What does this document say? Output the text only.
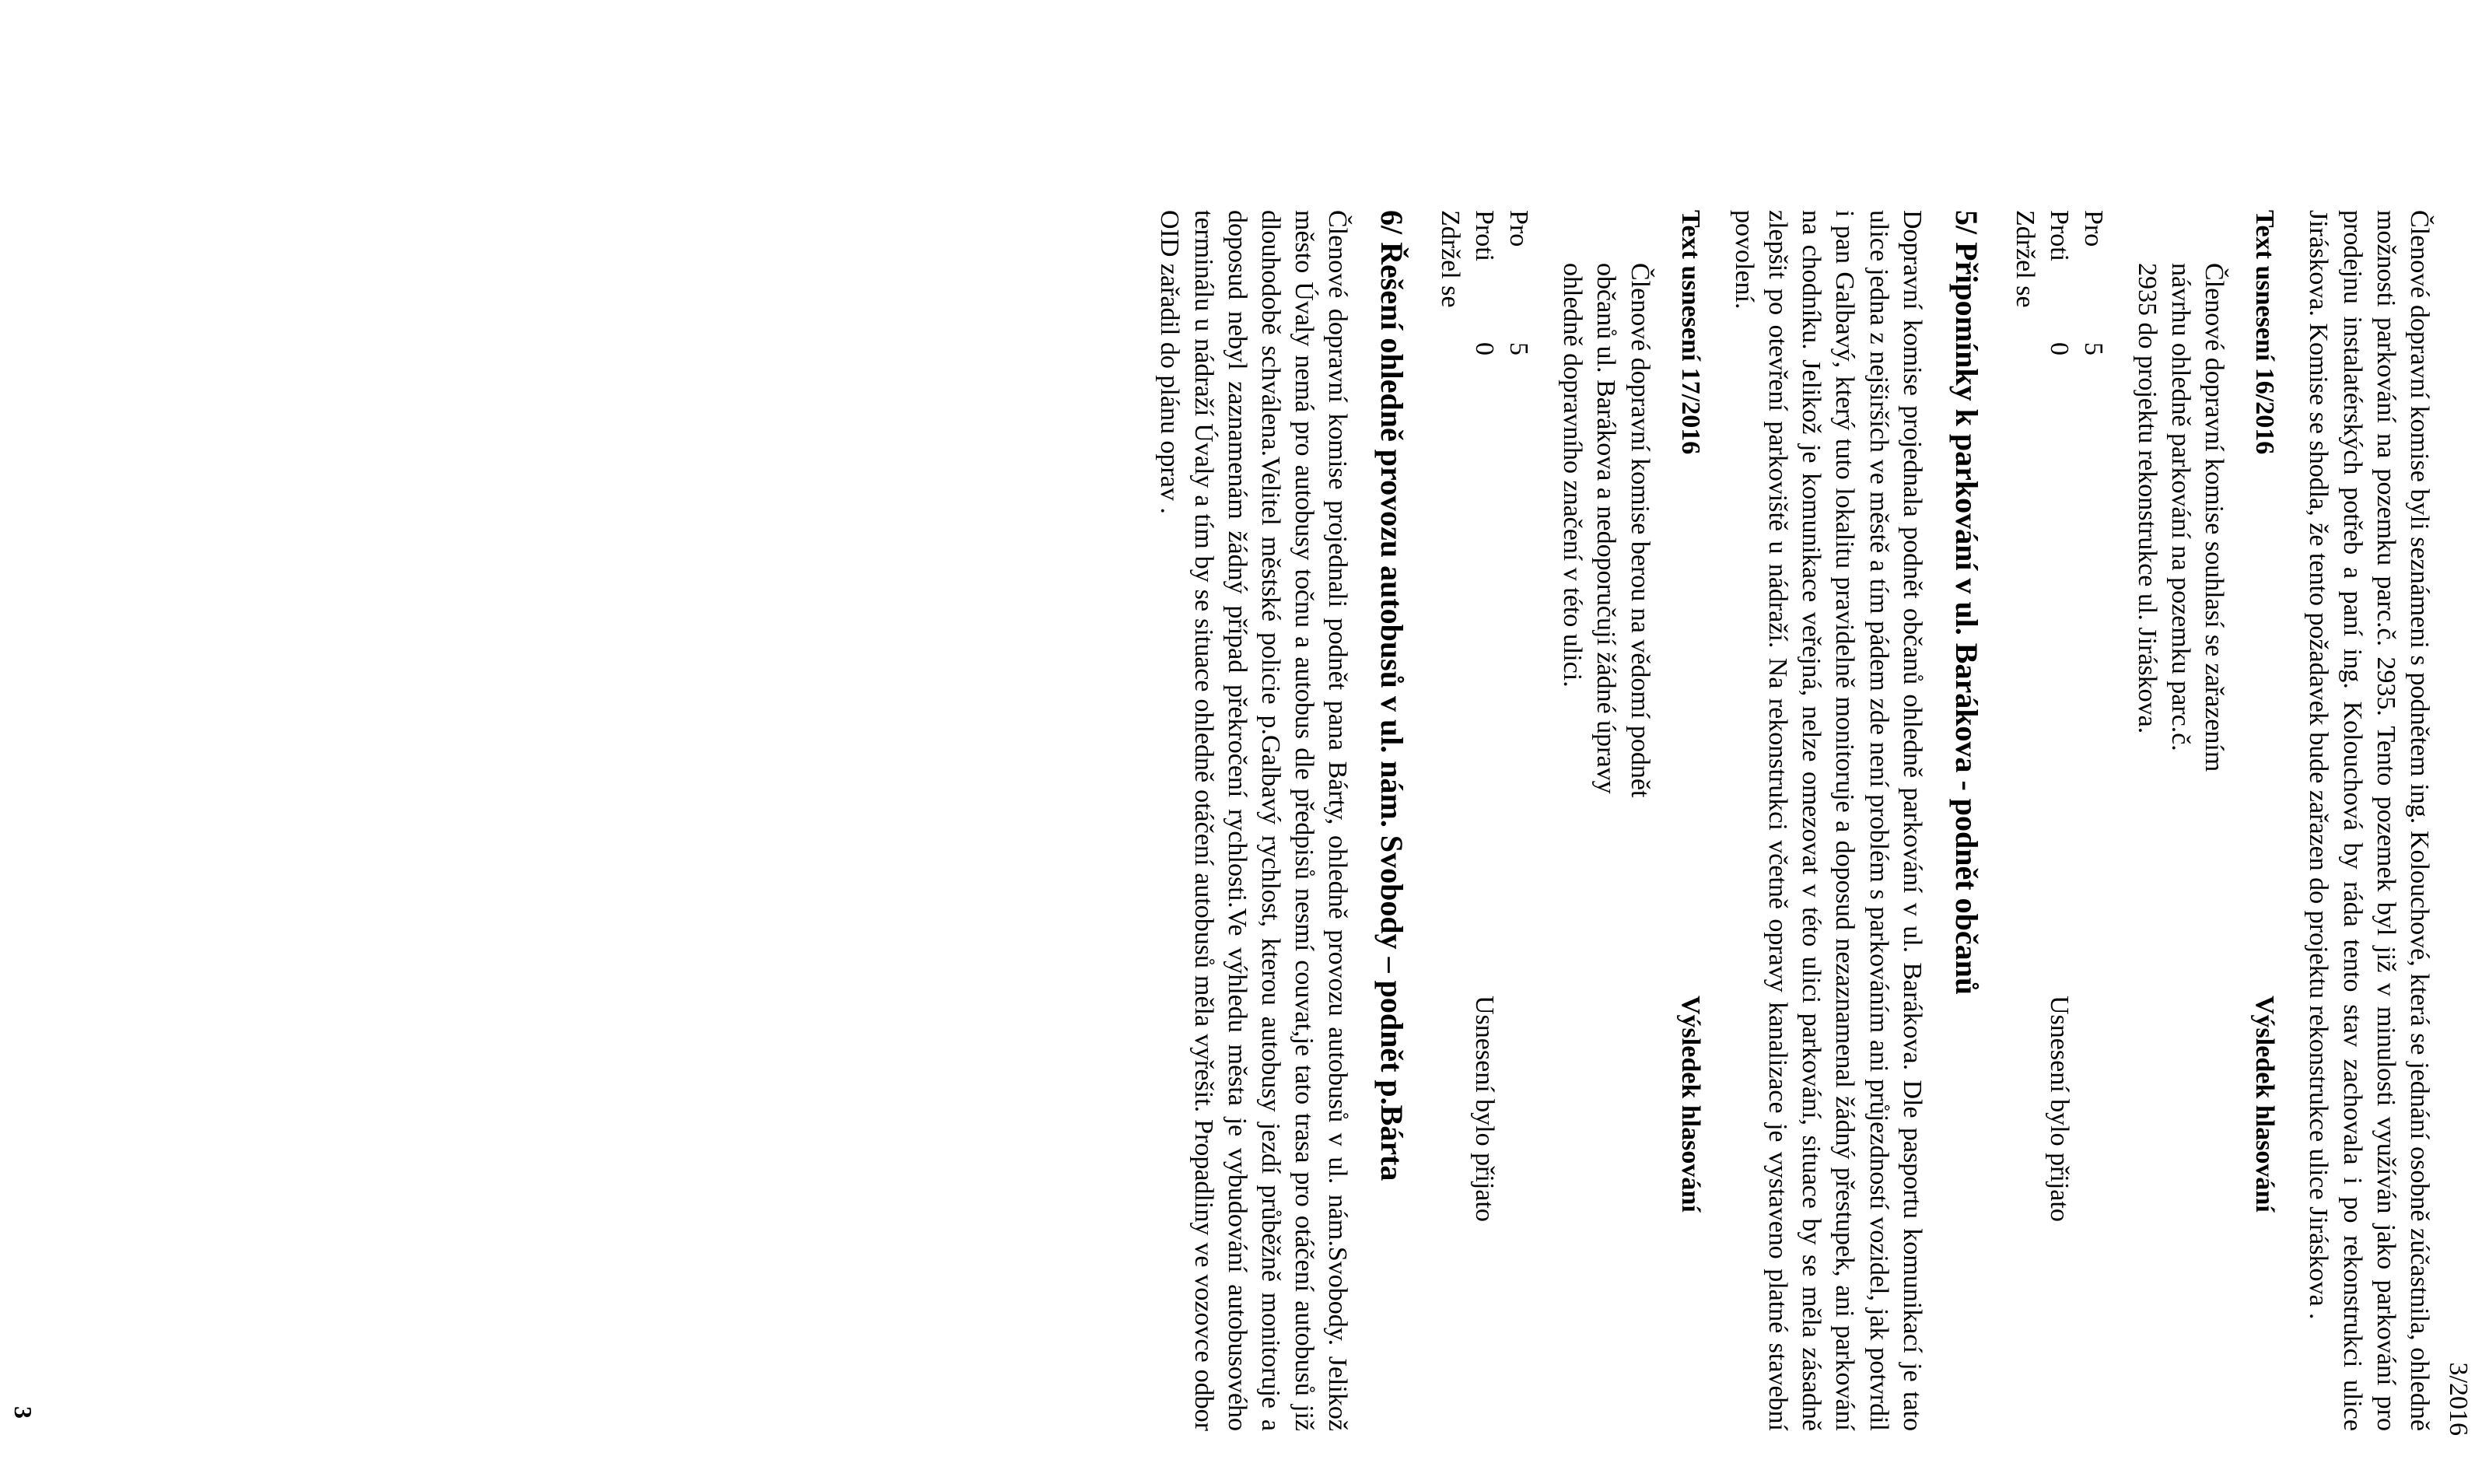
3/2016

Členové dopravní komise byli seznámeni s podnětem ing. Kolouchové, která se jednání osobně zúčastnila, ohledně možnosti parkování na pozemku parc.č. 2935. Tento pozemek byl již v minulosti využíván jako parkování pro prodejnu instalatérských potřeb a paní ing. Kolouchová by ráda tento stav zachovala i po rekonstrukci ulice Jiráskova. Komise se shodla, že tento požadavek bude zařazen do projektu rekonstrukce ulice Jiráskova .

Text usnesení 16/2016
Výsledek hlasování

Členové dopravní komise souhlasí se zařazením

návrhu ohledně parkování na pozemku parc.č.

2935 do projektu rekonstrukce ul. Jiráskova.

Pro
5
Proti
0
Usnesení bylo přijato
Zdržel se
5/ Připomínky k parkování v ul. Barákova - podnět občanů

Dopravní komise projednala podnět občanů ohledně parkování v ul. Barákova. Dle pasportu komunikací je tato ulice jedna z nejširších ve městě a tím pádem zde není problém s parkováním ani průjezdností vozidel, jak potvrdil i pan Galbavý, který tuto lokalitu pravidelně monitoruje a doposud nezaznamenal žádný přestupek, ani parkování na chodníku. Jelikož je komunikace veřejná, nelze omezovat v této ulici parkování, situace by se měla zásadně zlepšit po otevření parkoviště u nádraží. Na rekonstrukci včetně opravy kanalizace je vystaveno platné stavební povolení.

Text usnesení 17/2016
Výsledek hlasování

Členové dopravní komise berou na vědomí podnět

občanů ul. Barákova a nedoporučují žádné úpravy

ohledně dopravního značení v této ulici.

Pro
5
Proti
0
Usnesení bylo přijato
Zdržel se
6/ Řešení ohledně provozu autobusů v ul. nám. Svobody – podnět p.Bárta

Členové dopravní komise projednali podnět pana Bárty, ohledně provozu autobusů v ul. nám.Svobody. Jelikož město Úvaly nemá pro autobusy točnu a autobus dle předpisů nesmí couvat,je tato trasa pro otáčení autobusů již dlouhodobě schválena.Velitel městské policie p.Galbavý rychlost, kterou autobusy jezdí průběžně monitoruje a doposud nebyl zaznamenám žádný případ překročení rychlosti.Ve výhledu města je vybudování autobusového terminálu u nádraží Úvaly a tím by se situace ohledně otáčení autobusů měla vyřešit. Propadliny ve vozovce odbor OID zařadil do plánu oprav .

3
